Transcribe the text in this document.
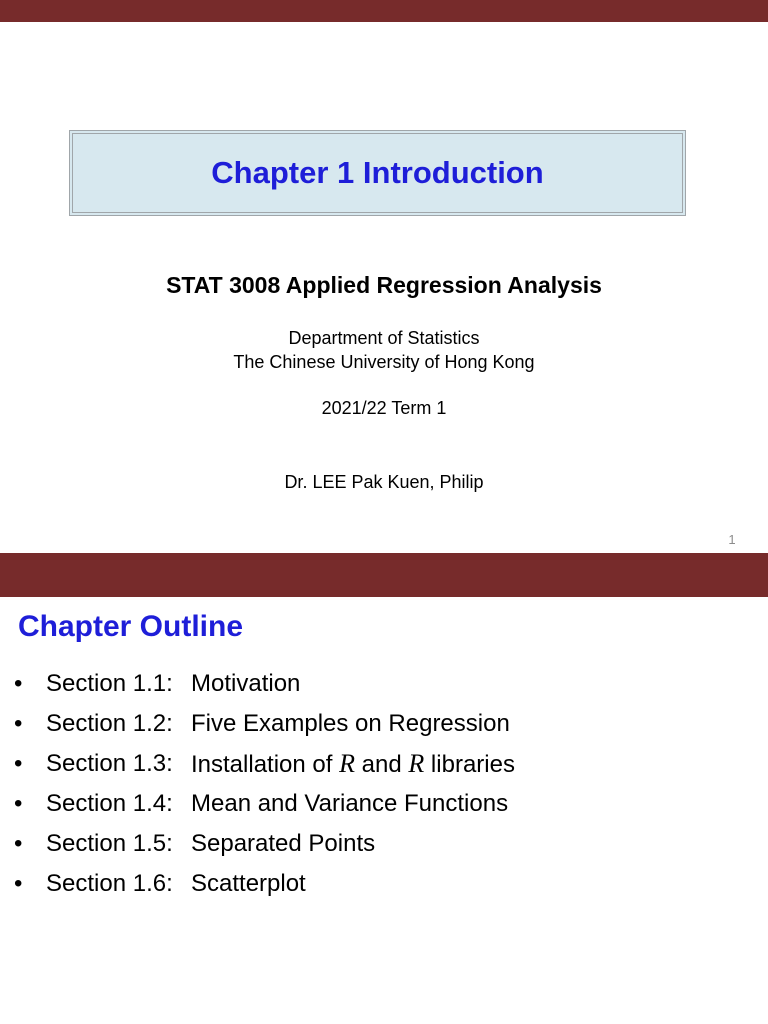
Chapter 1 Introduction
STAT 3008 Applied Regression Analysis
Department of Statistics
The Chinese University of Hong Kong
2021/22 Term 1
Dr. LEE Pak Kuen, Philip
1
Chapter Outline
• Section 1.1: Motivation
• Section 1.2: Five Examples on Regression
• Section 1.3: Installation of R and R libraries
• Section 1.4: Mean and Variance Functions
• Section 1.5: Separated Points
• Section 1.6: Scatterplot
